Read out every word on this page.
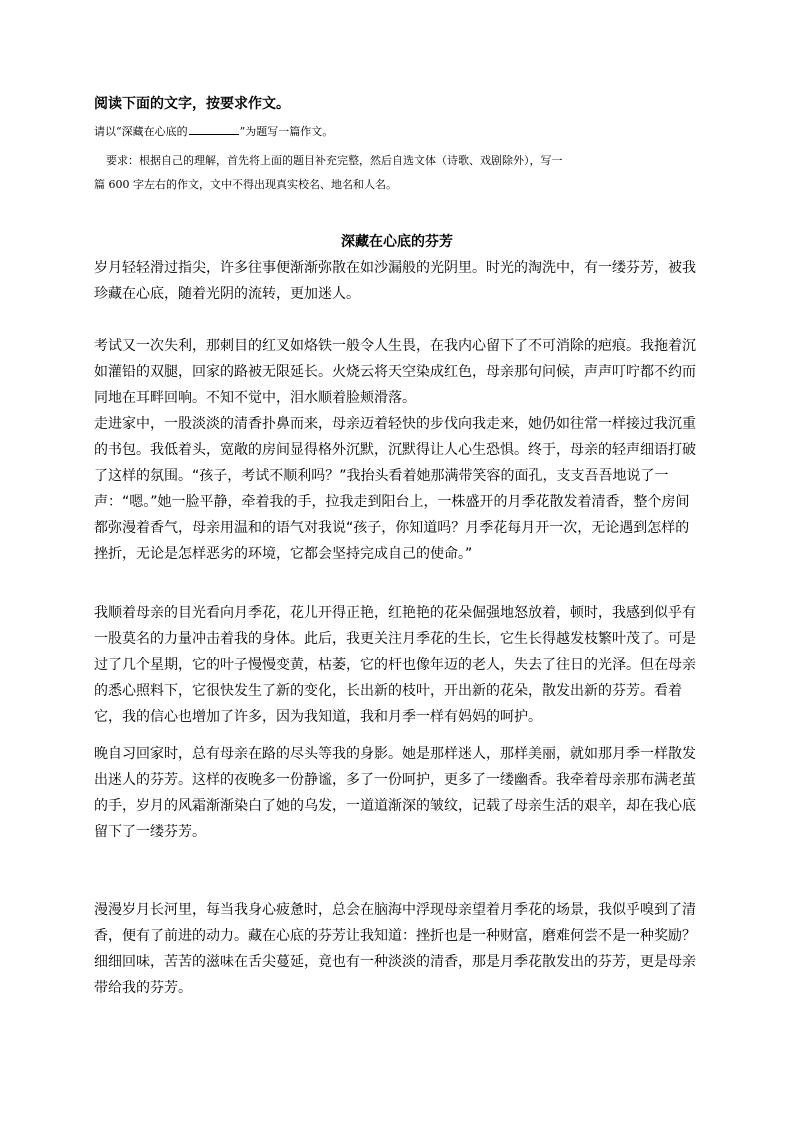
阅读下面的文字，按要求作文。
请以“深藏在心底的	”为题写一篇作文。
要求：根据自己的理解，首先将上面的题目补充完整，然后自选文体（诗歌、戏剧除外），写一
篇 600 字左右的作文，文中不得出现真实校名、地名和人名。
深藏在心底的芬芳

岁月轻轻滑过指尖，许多往事便渐渐弥散在如沙漏般的光阴里。时光的淘洗中，有一缕芬芳，被我珍藏在心底，随着光阴的流转，更加迷人。

考试又一次失利，那刺目的红叉如烙铁一般令人生畏，在我内心留下了不可消除的疤痕。我拖着沉如灌铅的双腿，回家的路被无限延长。火烧云将天空染成红色，母亲那句问候，声声叮咛都不约而同地在耳畔回响。不知不觉中，泪水顺着脸颊滑落。

走进家中，一股淡淡的清香扑鼻而来，母亲迈着轻快的步伐向我走来，她仍如往常一样接过我沉重的书包。我低着头，宽敞的房间显得格外沉默，沉默得让人心生恐惧。终于，母亲的轻声细语打破了这样的氛围。“孩子，考试不顺利吗？”我抬头看着她那满带笑容的面孔，支支吾吾地说了一声：“嗯。”她一脸平静，牵着我的手，拉我走到阳台上，一株盛开的月季花散发着清香，整个房间都弥漫着香气，母亲用温和的语气对我说“孩子，你知道吗？月季花每月开一次，无论遇到怎样的挫折，无论是怎样恶劣的环境，它都会坚持完成自己的使命。”

我顺着母亲的目光看向月季花，花儿开得正艳，红艳艳的花朵倔强地怒放着，顿时，我感到似乎有一股莫名的力量冲击着我的身体。此后，我更关注月季花的生长，它生长得越发枝繁叶茂了。可是过了几个星期，它的叶子慢慢变黄，枯萎，它的杆也像年迈的老人，失去了往日的光泽。但在母亲的悉心照料下，它很快发生了新的变化，长出新的枝叶，开出新的花朵，散发出新的芬芳。看着它，我的信心也增加了许多，因为我知道，我和月季一样有妈妈的呵护。

晚自习回家时，总有母亲在路的尽头等我的身影。她是那样迷人，那样美丽，就如那月季一样散发出迷人的芬芳。这样的夜晚多一份静谧，多了一份呵护，更多了一缕幽香。我牵着母亲那布满老茧的手，岁月的风霜渐渐染白了她的乌发，一道道渐深的皱纹，记载了母亲生活的艰辛，却在我心底留下了一缕芬芳。

漫漫岁月长河里，每当我身心疲惫时，总会在脑海中浮现母亲望着月季花的场景，我似乎嗅到了清香，便有了前进的动力。藏在心底的芬芳让我知道：挫折也是一种财富，磨难何尝不是一种奖励？细细回味，苦苦的滋味在舌尖蔓延，竟也有一种淡淡的清香，那是月季花散发出的芬芳，更是母亲带给我的芬芳。
